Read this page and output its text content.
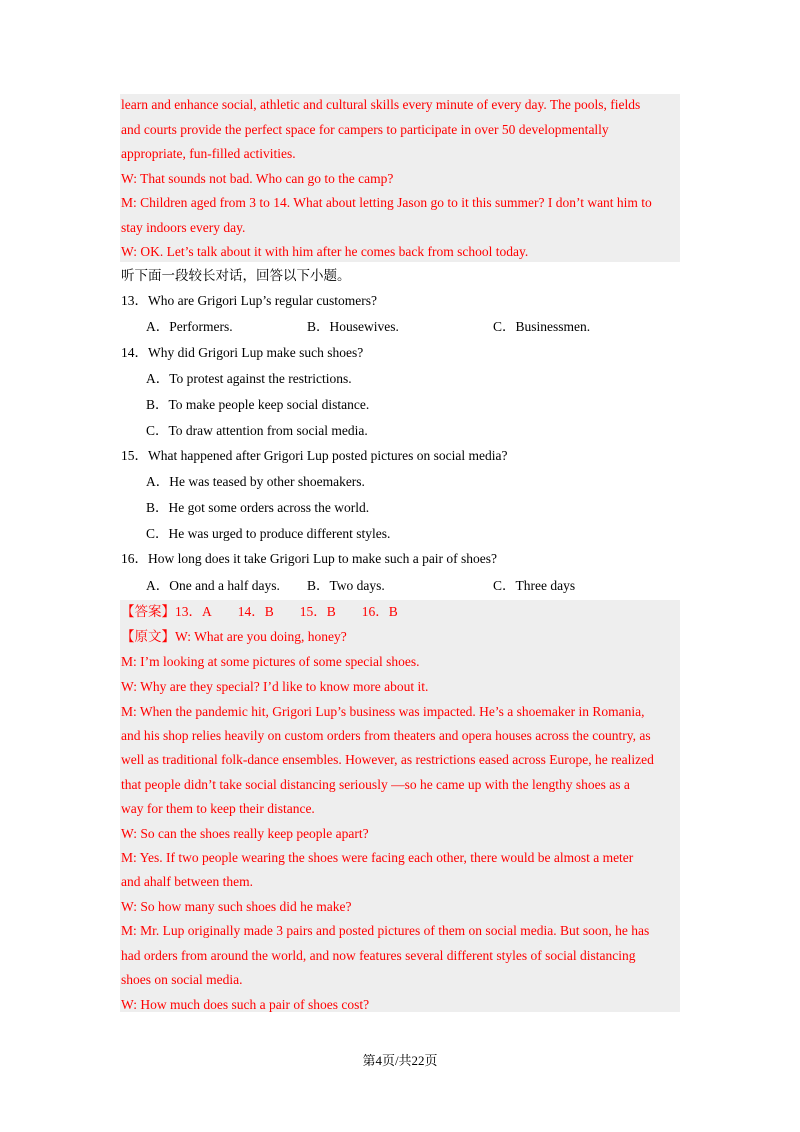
learn and enhance social, athletic and cultural skills every minute of every day. The pools, fields
and courts provide the perfect space for campers to participate in over 50 developmentally
appropriate, fun-filled activities.
W: That sounds not bad. Who can go to the camp?
M: Children aged from 3 to 14. What about letting Jason go to it this summer? I don’t want him to
stay indoors every day.
W: OK. Let’s talk about it with him after he comes back from school today.
听下面一段较长对话，回答以下小题。
13．Who are Grigori Lup’s regular customers?
A．Performers.	B．Housewives.	C．Businessmen.
14．Why did Grigori Lup make such shoes?
A．To protest against the restrictions.
B．To make people keep social distance.
C．To draw attention from social media.
15．What happened after Grigori Lup posted pictures on social media?
A．He was teased by other shoemakers.
B．He got some orders across the world.
C．He was urged to produce different styles.
16．How long does it take Grigori Lup to make such a pair of shoes?
A．One and a half days. B．Two days.	C．Three days
【答案】13．A 14．B 15．B 16．B
【原文】W: What are you doing, honey?
M: I’m looking at some pictures of some special shoes.
W: Why are they special? I’d like to know more about it.
M: When the pandemic hit, Grigori Lup’s business was impacted. He’s a shoemaker in Romania,
and his shop relies heavily on custom orders from theaters and opera houses across the country, as
well as traditional folk-dance ensembles. However, as restrictions eased across Europe, he realized
that people didn’t take social distancing seriously —so he came up with the lengthy shoes as a
way for them to keep their distance.
W: So can the shoes really keep people apart?
M: Yes. If two people wearing the shoes were facing each other, there would be almost a meter
and ahalf between them.
W: So how many such shoes did he make?
M: Mr. Lup originally made 3 pairs and posted pictures of them on social media. But soon, he has
had orders from around the world, and now features several different styles of social distancing
shoes on social media.
W: How much does such a pair of shoes cost?
第4页/共22页
